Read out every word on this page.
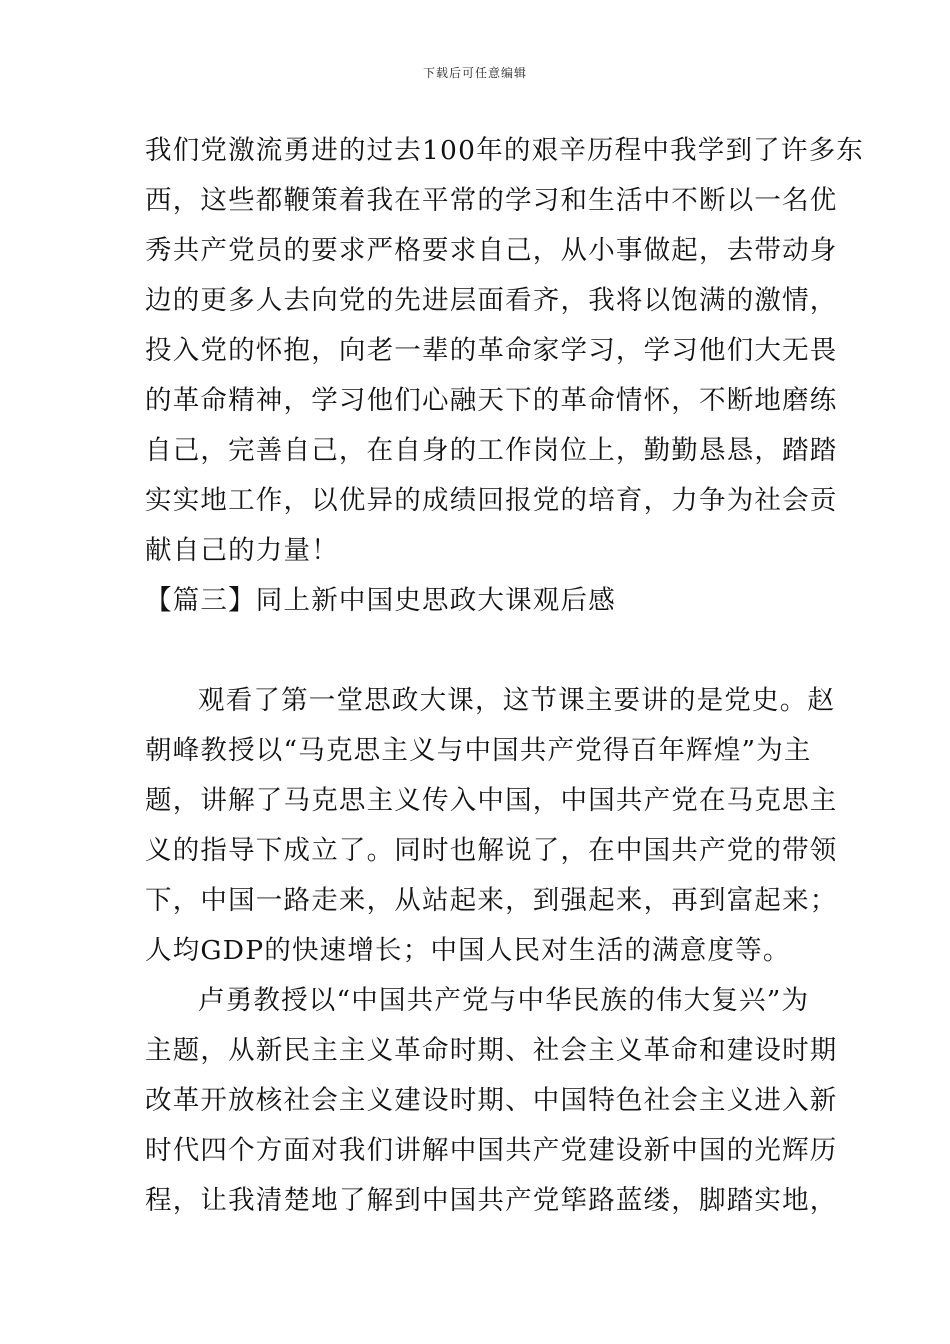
下载后可任意编辑
我们党激流勇进的过去100年的艰辛历程中我学到了许多东
西，这些都鞭策着我在平常的学习和生活中不断以一名优
秀共产党员的要求严格要求自己，从小事做起，去带动身
边的更多人去向党的先进层面看齐，我将以饱满的激情，
投入党的怀抱，向老一辈的革命家学习，学习他们大无畏
的革命精神，学习他们心融天下的革命情怀，不断地磨练
自己，完善自己，在自身的工作岗位上，勤勤恳恳，踏踏
实实地工作，以优异的成绩回报党的培育，力争为社会贡
献自己的力量！
【篇三】同上新中国史思政大课观后感
观看了第一堂思政大课，这节课主要讲的是党史。赵
朝峰教授以“马克思主义与中国共产党得百年辉煌”为主
题，讲解了马克思主义传入中国，中国共产党在马克思主
义的指导下成立了。同时也解说了，在中国共产党的带领
下，中国一路走来，从站起来，到强起来，再到富起来；
人均GDP的快速增长；中国人民对生活的满意度等。
卢勇教授以“中国共产党与中华民族的伟大复兴”为
主题，从新民主主义革命时期、社会主义革命和建设时期
改革开放核社会主义建设时期、中国特色社会主义进入新
时代四个方面对我们讲解中国共产党建设新中国的光辉历
程，让我清楚地了解到中国共产党筚路蓝缕，脚踏实地，
